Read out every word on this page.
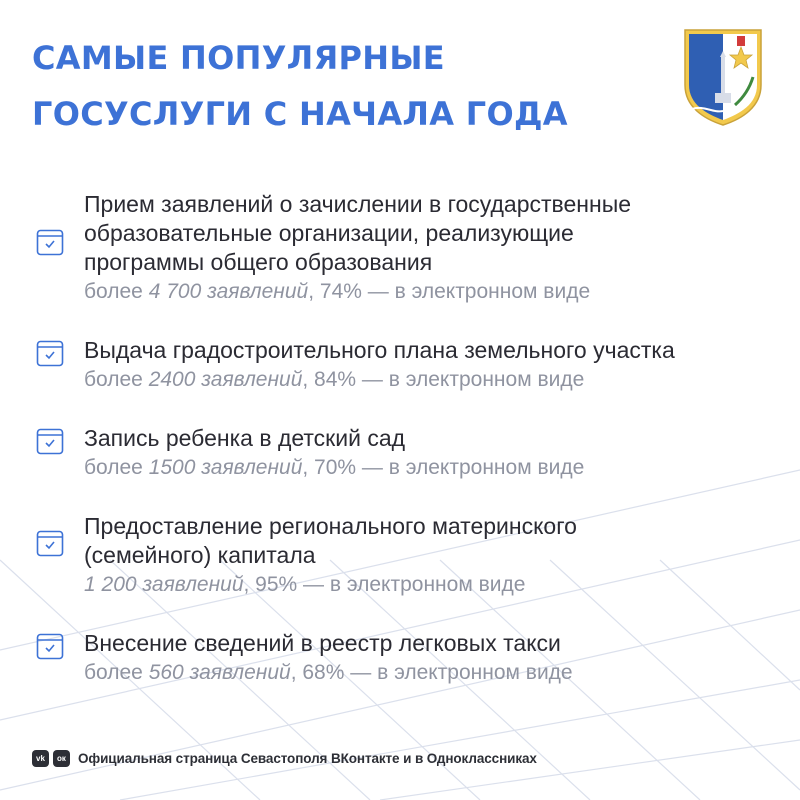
САМЫЕ ПОПУЛЯРНЫЕ
ГОСУСЛУГИ С НАЧАЛА ГОДА
Прием заявлений о зачислении в государственные
образовательные организации, реализующие
программы общего образования
более 4 700 заявлений, 74% — в электронном виде
Выдача градостроительного плана земельного участка
более 2400 заявлений, 84% — в электронном виде
Запись ребенка в детский сад
более 1500 заявлений, 70% — в электронном виде
Предоставление регионального материнского
(семейного) капитала
1 200 заявлений, 95% — в электронном виде
Внесение сведений в реестр легковых такси
более 560 заявлений, 68% — в электронном виде
vk	ок Официальная страница Севастополя ВКонтакте и в Одноклассниках
